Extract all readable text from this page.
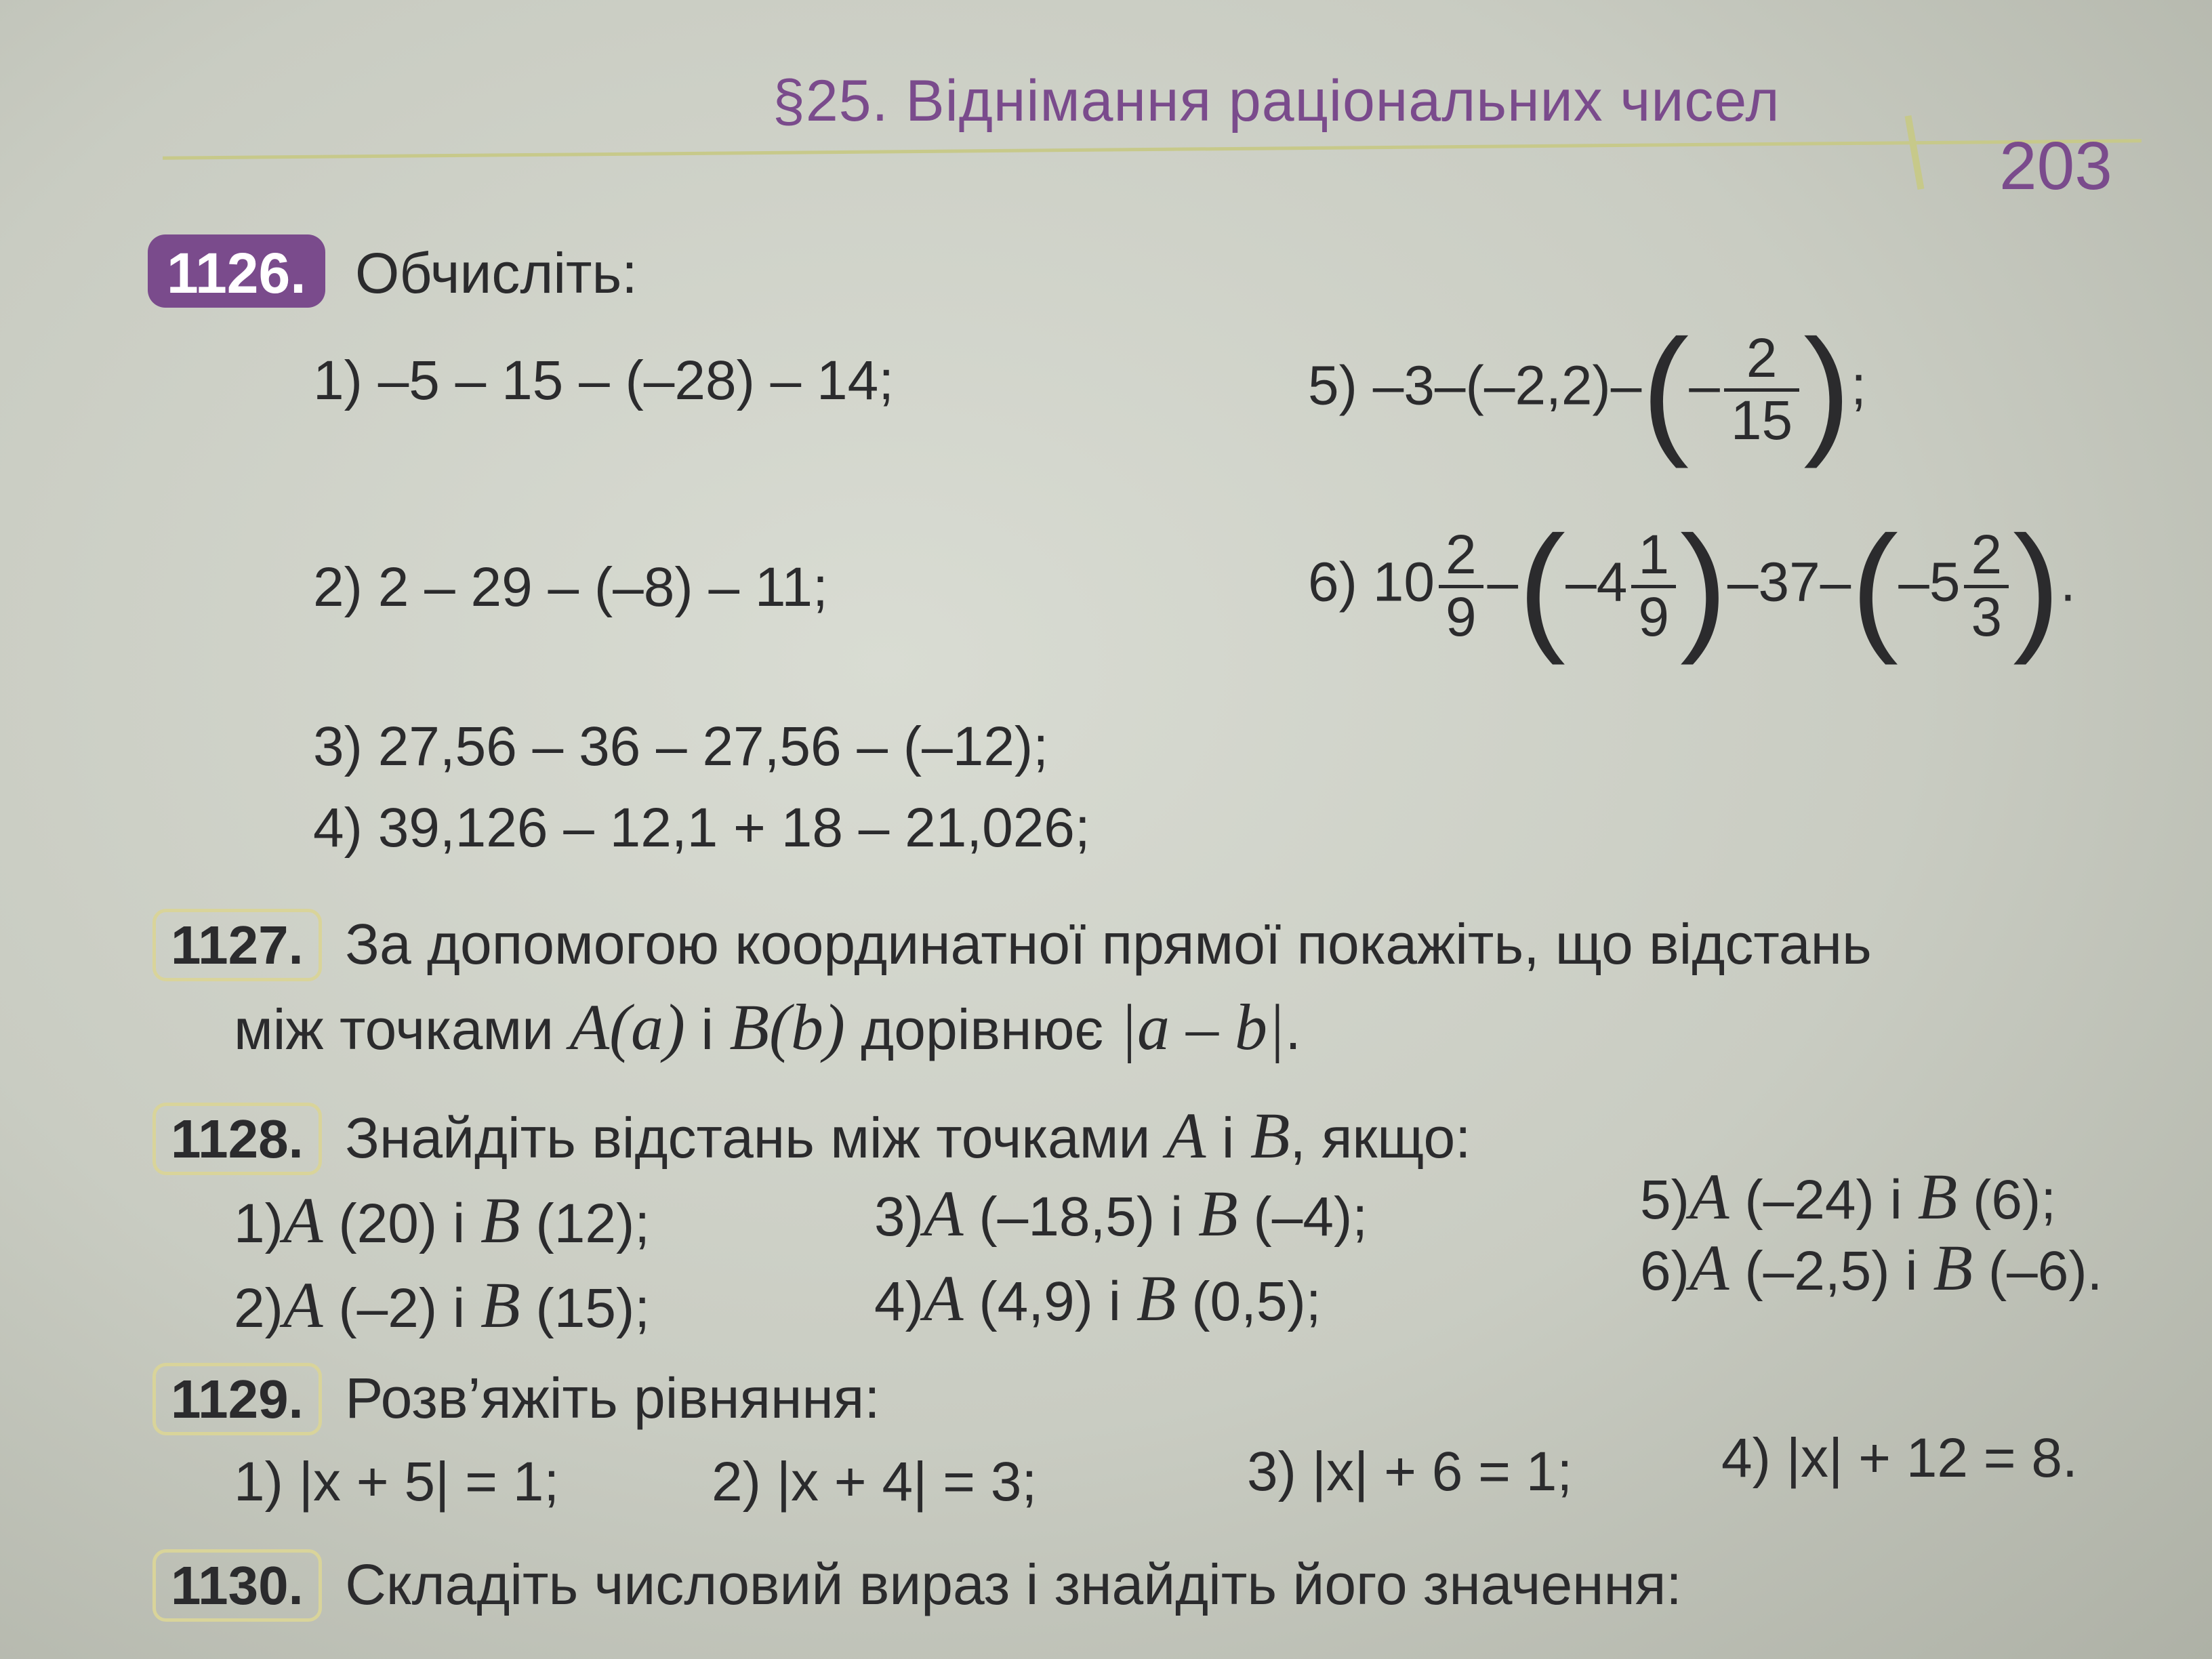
§25. Віднімання раціональних чисел
203
1126. Обчисліть:
1) –5 – 15 – (–28) – 14;
2) 2 – 29 – (–8) – 11;
3) 27,56 – 36 – 27,56 – (–12);
4) 39,126 – 12,1 + 18 – 21,026;
5) $-3-(-2,2)-(- \frac{2}{15}$ );
6) $10 \frac{2}{9} -(-4 \frac{1}{9} )-37-(-5 \frac{2}{3}$ ).
1127. За допомогою координатної прямої покажіть, що відстань
між точками A(a) і B(b) дорівнює |a – b|.
1128. Знайдіть відстань між точками A і B, якщо:
1)A (20) і B (12);
2)A (–2) і B (15);
3)A (–18,5) і B (–4);
4)A (4,9) і B (0,5);
5)A (–24) і B (6);
6)A (–2,5) і B (–6).
1129. Розв’яжіть рівняння:
1) |x + 5| = 1;	2) |x + 4| = 3;	3) |x| + 6 = 1;	4) |x| + 12 = 8.
1130. Складіть числовий вираз і знайдіть його значення:
